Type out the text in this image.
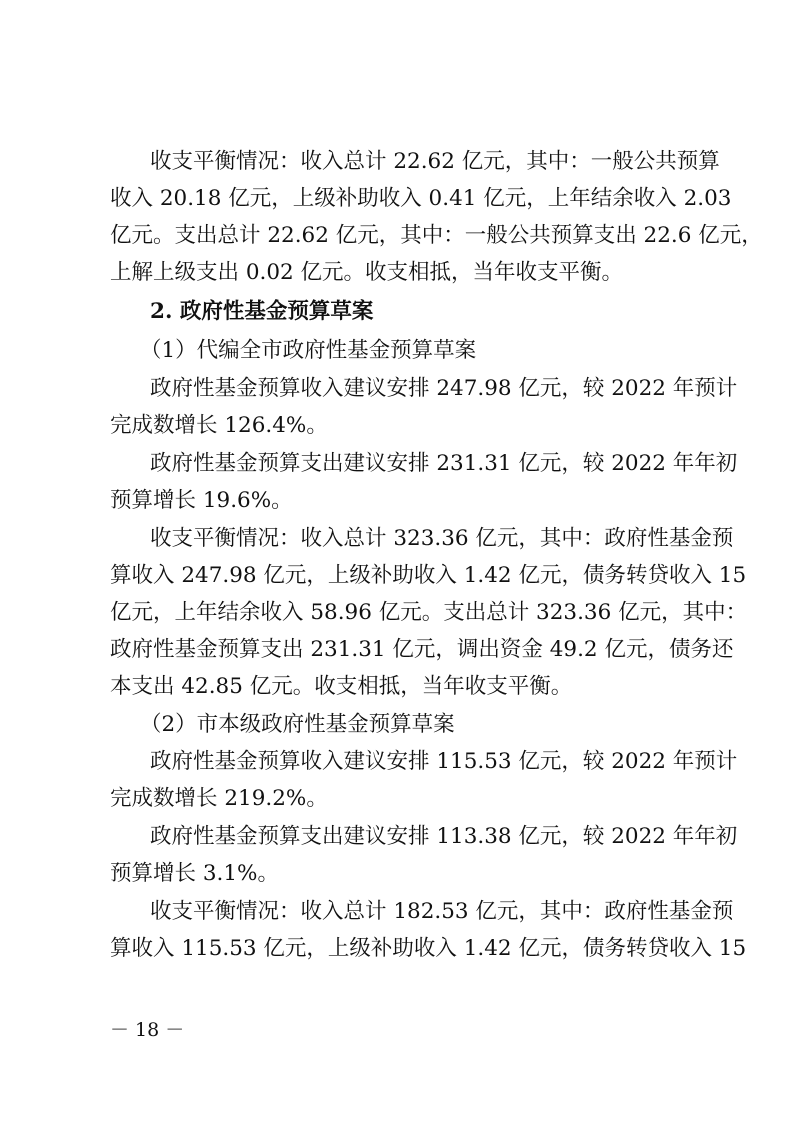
收支平衡情况：收入总计 22.62 亿元，其中：一般公共预算
收入 20.18 亿元，上级补助收入 0.41 亿元，上年结余收入 2.03
亿元。支出总计 22.62 亿元，其中：一般公共预算支出 22.6 亿元，
上解上级支出 0.02 亿元。收支相抵，当年收支平衡。
2. 政府性基金预算草案
（1）代编全市政府性基金预算草案
政府性基金预算收入建议安排 247.98 亿元，较 2022 年预计
完成数增长 126.4%。
政府性基金预算支出建议安排 231.31 亿元，较 2022 年年初
预算增长 19.6%。
收支平衡情况：收入总计 323.36 亿元，其中：政府性基金预
算收入 247.98 亿元，上级补助收入 1.42 亿元，债务转贷收入 15
亿元，上年结余收入 58.96 亿元。支出总计 323.36 亿元，其中：
政府性基金预算支出 231.31 亿元，调出资金 49.2 亿元，债务还
本支出 42.85 亿元。收支相抵，当年收支平衡。
（2）市本级政府性基金预算草案
政府性基金预算收入建议安排 115.53 亿元，较 2022 年预计
完成数增长 219.2%。
政府性基金预算支出建议安排 113.38 亿元，较 2022 年年初
预算增长 3.1%。
收支平衡情况：收入总计 182.53 亿元，其中：政府性基金预
算收入 115.53 亿元，上级补助收入 1.42 亿元，债务转贷收入 15
－ 18 －
